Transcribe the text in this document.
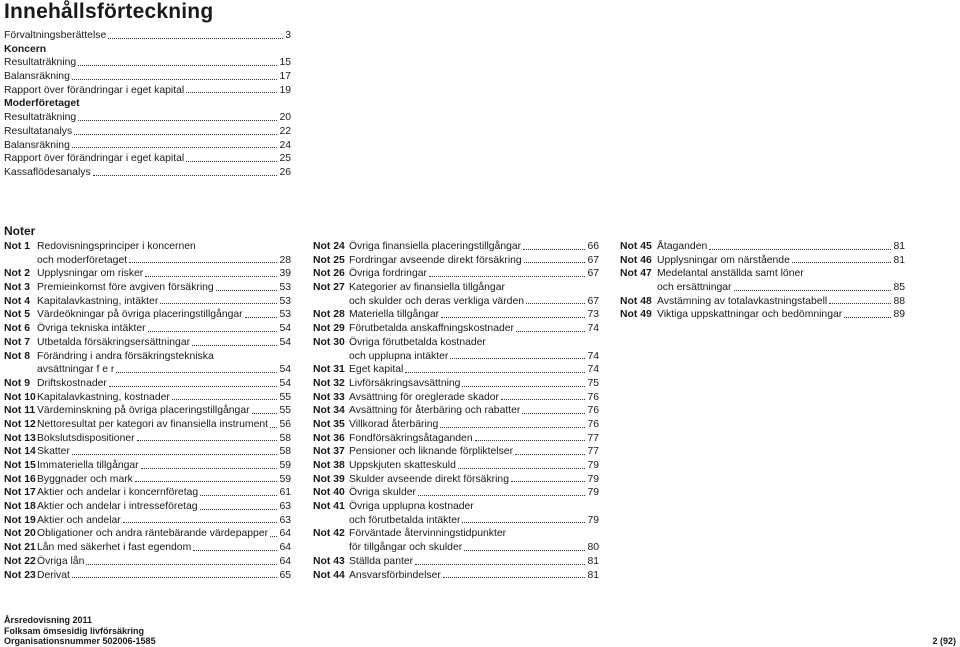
Innehållsförteckning
Förvaltningsberättelse	3
Koncern
Resultaträkning	15
Balansräkning	17
Rapport över förändringar i eget kapital	19
Moderföretaget
Resultaträkning	20
Resultatanalys	22
Balansräkning	24
Rapport över förändringar i eget kapital	25
Kassaflödesanalys	26
Noter
Not 1 Redovisningsprinciper i koncernen
och moderföretaget	28
Not 2 Upplysningar om risker	39
Not 3 Premieinkomst före avgiven försäkring	53
Not 4 Kapitalavkastning, intäkter	53
Not 5 Värdeökningar på övriga placeringstillgångar	53
Not 6 Övriga tekniska intäkter	54
Not 7 Utbetalda försäkringsersättningar	54
Not 8 Förändring i andra försäkringstekniska
avsättningar f e r	54
Not 9 Driftskostnader	54
Not 10 Kapitalavkastning, kostnader	55
Not 11 Värdeminskning på övriga placeringstillgångar	55
Not 12 Nettoresultat per kategori av finansiella instrument 56
Not 13 Bokslutsdispositioner	58
Not 14 Skatter	58
Not 15 Immateriella tillgångar	59
Not 16 Byggnader och mark	59
Not 17 Aktier och andelar i koncernföretag	61
Not 18 Aktier och andelar i intresseföretag	63
Not 19 Aktier och andelar	63
Not 20 Obligationer och andra räntebärande värdepapper 64
Not 21 Lån med säkerhet i fast egendom	64
Not 22 Övriga lån	64
Not 23 Derivat	65
Not 24 Övriga finansiella placeringstillgångar	66
Not 25 Fordringar avseende direkt försäkring	67
Not 26 Övriga fordringar	67
Not 27 Kategorier av finansiella tillgångar
och skulder och deras verkliga värden	67
Not 28 Materiella tillgångar	73
Not 29 Förutbetalda anskaffningskostnader	74
Not 30 Övriga förutbetalda kostnader
och upplupna intäkter	74
Not 31 Eget kapital	74
Not 32 Livförsäkringsavsättning	75
Not 33 Avsättning för oreglerade skador	76
Not 34 Avsättning för återbäring och rabatter	76
Not 35 Villkorad återbäring	76
Not 36 Fondförsäkringsåtaganden	77
Not 37 Pensioner och liknande förpliktelser	77
Not 38 Uppskjuten skatteskuld	79
Not 39 Skulder avseende direkt försäkring	79
Not 40 Övriga skulder	79
Not 41 Övriga upplupna kostnader
och förutbetalda intäkter	79
Not 42 Förväntade återvinningstidpunkter
för tillgångar och skulder	80
Not 43 Ställda panter	81
Not 44 Ansvarsförbindelser	81
Not 45 Åtaganden	81
Not 46 Upplysningar om närstående	81
Not 47 Medelantal anställda samt löner
och ersättningar	85
Not 48 Avstämning av totalavkastningstabell	88
Not 49 Viktiga uppskattningar och bedömningar	89
Årsredovisning 2011
Folksam ömsesidig livförsäkring
Organisationsnummer 502006-1585	2 (92)
